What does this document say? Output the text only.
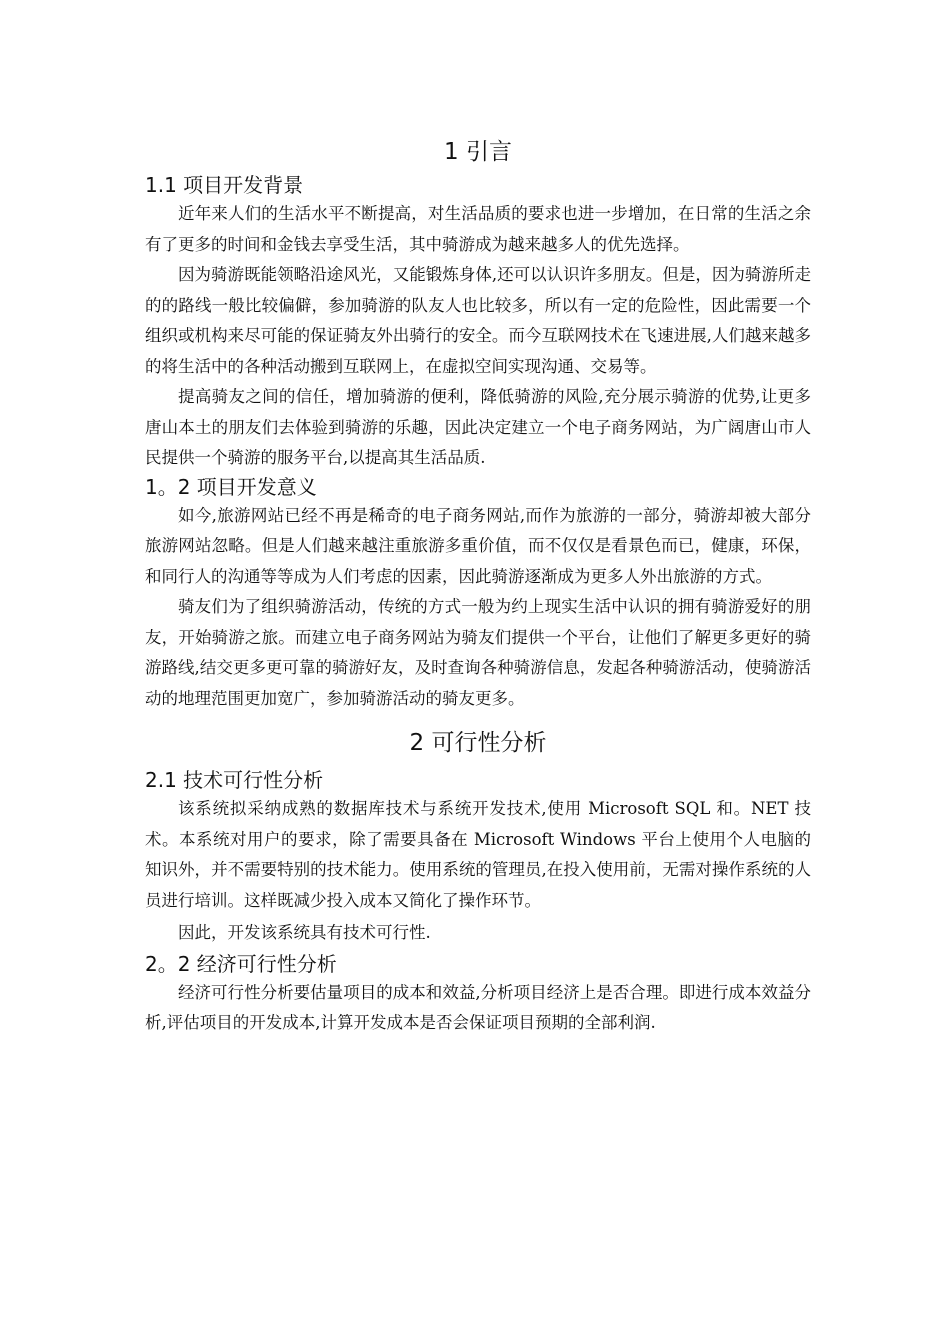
1 引言
1.1 项目开发背景

近年来人们的生活水平不断提高，对生活品质的要求也进一步增加，在日常的生活之余有了更多的时间和金钱去享受生活，其中骑游成为越来越多人的优先选择。

因为骑游既能领略沿途风光，又能锻炼身体,还可以认识许多朋友。但是，因为骑游所走的的路线一般比较偏僻，参加骑游的队友人也比较多，所以有一定的危险性，因此需要一个组织或机构来尽可能的保证骑友外出骑行的安全。而今互联网技术在飞速进展,人们越来越多的将生活中的各种活动搬到互联网上，在虚拟空间实现沟通、交易等。

提高骑友之间的信任，增加骑游的便利，降低骑游的风险,充分展示骑游的优势,让更多唐山本土的朋友们去体验到骑游的乐趣，因此决定建立一个电子商务网站，为广阔唐山市人民提供一个骑游的服务平台,以提高其生活品质.

1。2 项目开发意义

如今,旅游网站已经不再是稀奇的电子商务网站,而作为旅游的一部分，骑游却被大部分旅游网站忽略。但是人们越来越注重旅游多重价值，而不仅仅是看景色而已，健康，环保，和同行人的沟通等等成为人们考虑的因素，因此骑游逐渐成为更多人外出旅游的方式。

骑友们为了组织骑游活动，传统的方式一般为约上现实生活中认识的拥有骑游爱好的朋友，开始骑游之旅。而建立电子商务网站为骑友们提供一个平台，让他们了解更多更好的骑游路线,结交更多更可靠的骑游好友，及时查询各种骑游信息，发起各种骑游活动，使骑游活动的地理范围更加宽广，参加骑游活动的骑友更多。

2 可行性分析
2.1 技术可行性分析

该系统拟采纳成熟的数据库技术与系统开发技术,使用 Microsoft SQL 和。NET 技术。本系统对用户的要求，除了需要具备在 Microsoft Windows 平台上使用个人电脑的知识外，并不需要特别的技术能力。使用系统的管理员,在投入使用前，无需对操作系统的人员进行培训。这样既减少投入成本又简化了操作环节。

因此，开发该系统具有技术可行性.

2。2 经济可行性分析

经济可行性分析要估量项目的成本和效益,分析项目经济上是否合理。即进行成本效益分析,评估项目的开发成本,计算开发成本是否会保证项目预期的全部利润.
